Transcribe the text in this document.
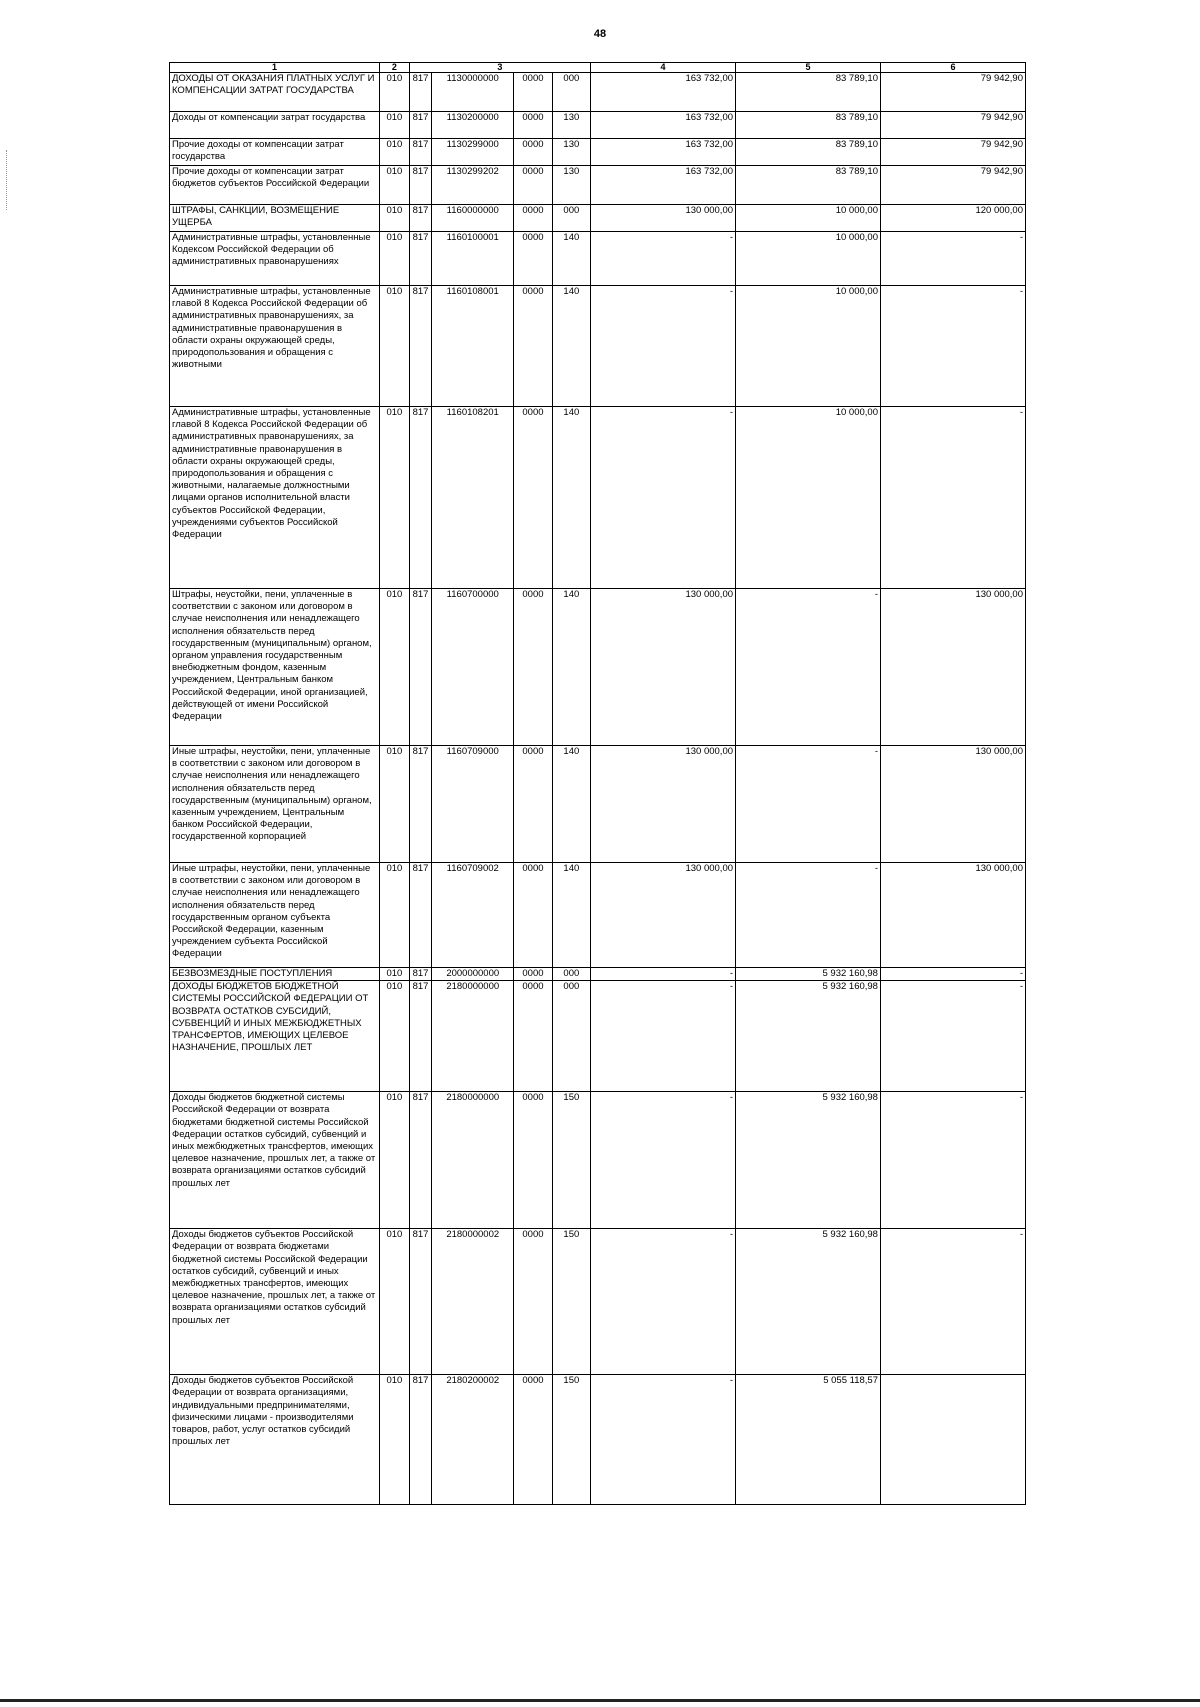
48
1	2	3				4	5	6
ДОХОДЫ ОТ ОКАЗАНИЯ ПЛАТНЫХ УСЛУГ И КОМПЕНСАЦИИ ЗАТРАТ ГОСУДАРСТВА	010	817	1130000000	0000	000	163 732,00	83 789,10	79 942,90
Доходы от компенсации затрат государства	010	817	1130200000	0000	130	163 732,00	83 789,10	79 942,90
Прочие доходы от компенсации затрат государства	010	817	1130299000	0000	130	163 732,00	83 789,10	79 942,90
Прочие доходы от компенсации затрат бюджетов субъектов Российской Федерации	010	817	1130299202	0000	130	163 732,00	83 789,10	79 942,90
ШТРАФЫ, САНКЦИИ, ВОЗМЕЩЕНИЕ УЩЕРБА	010	817	1160000000	0000	000	130 000,00	10 000,00	120 000,00
Административные штрафы, установленные Кодексом Российской Федерации об административных правонарушениях	010	817	1160100001	0000	140	-	10 000,00	-
Административные штрафы, установленные главой 8 Кодекса Российской Федерации об административных правонарушениях, за административные правонарушения в области охраны окружающей среды, природопользования и обращения с животными	010	817	1160108001	0000	140	-	10 000,00	-
Административные штрафы, установленные главой 8 Кодекса Российской Федерации об административных правонарушениях, за административные правонарушения в области охраны окружающей среды, природопользования и обращения с животными, налагаемые должностными лицами органов исполнительной власти субъектов Российской Федерации, учреждениями субъектов Российской Федерации	010	817	1160108201	0000	140	-	10 000,00	-
Штрафы, неустойки, пени, уплаченные в соответствии с законом или договором в случае неисполнения или ненадлежащего исполнения обязательств перед государственным (муниципальным) органом, органом управления государственным внебюджетным фондом, казенным учреждением, Центральным банком Российской Федерации, иной организацией, действующей от имени Российской Федерации	010	817	1160700000	0000	140	130 000,00	-	130 000,00
Иные штрафы, неустойки, пени, уплаченные в соответствии с законом или договором в случае неисполнения или ненадлежащего исполнения обязательств перед государственным (муниципальным) органом, казенным учреждением, Центральным банком Российской Федерации, государственной корпорацией	010	817	1160709000	0000	140	130 000,00	-	130 000,00
Иные штрафы, неустойки, пени, уплаченные в соответствии с законом или договором в случае неисполнения или ненадлежащего исполнения обязательств перед государственным органом субъекта Российской Федерации, казенным учреждением субъекта Российской Федерации	010	817	1160709002	0000	140	130 000,00	-	130 000,00
БЕЗВОЗМЕЗДНЫЕ ПОСТУПЛЕНИЯ	010	817	2000000000	0000	000	-	5 932 160,98	-
ДОХОДЫ БЮДЖЕТОВ БЮДЖЕТНОЙ СИСТЕМЫ РОССИЙСКОЙ ФЕДЕРАЦИИ ОТ ВОЗВРАТА ОСТАТКОВ СУБСИДИЙ, СУБВЕНЦИЙ И ИНЫХ МЕЖБЮДЖЕТНЫХ ТРАНСФЕРТОВ, ИМЕЮЩИХ ЦЕЛЕВОЕ НАЗНАЧЕНИЕ, ПРОШЛЫХ ЛЕТ	010	817	2180000000	0000	000	-	5 932 160,98	-
Доходы бюджетов бюджетной системы Российской Федерации от возврата бюджетами бюджетной системы Российской Федерации остатков субсидий, субвенций и иных межбюджетных трансфертов, имеющих целевое назначение, прошлых лет, а также от возврата организациями остатков субсидий прошлых лет	010	817	2180000000	0000	150	-	5 932 160,98	-
Доходы бюджетов субъектов Российской Федерации от возврата бюджетами бюджетной системы Российской Федерации остатков субсидий, субвенций и иных межбюджетных трансфертов, имеющих целевое назначение, прошлых лет, а также от возврата организациями остатков субсидий прошлых лет	010	817	2180000002	0000	150	-	5 932 160,98	-
Доходы бюджетов субъектов Российской Федерации от возврата организациями, индивидуальными предпринимателями, физическими лицами - производителями товаров, работ, услуг остатков субсидий прошлых лет	010	817	2180200002	0000	150	-	5 055 118,57	
